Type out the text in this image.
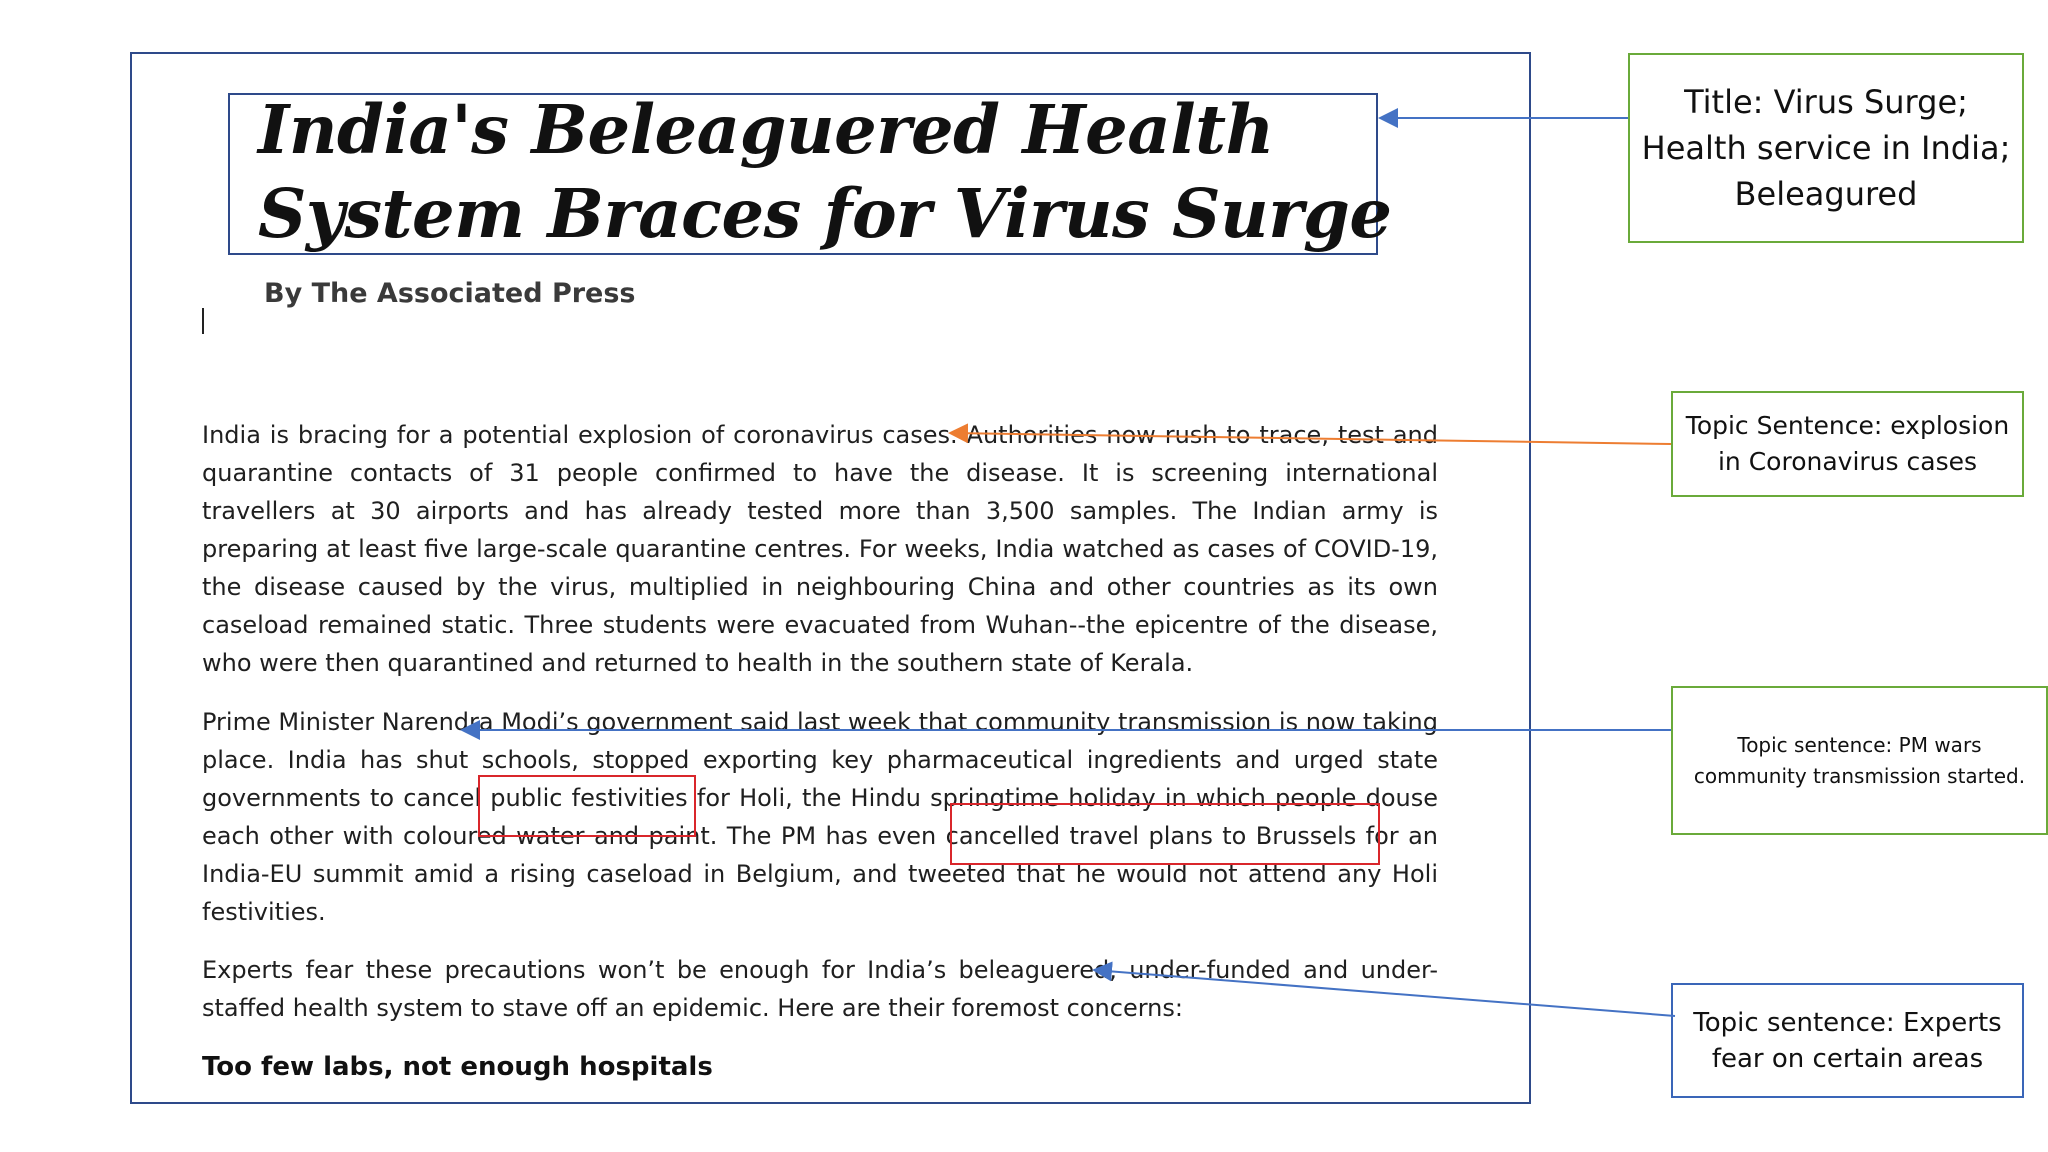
India's Beleaguered Health
System Braces for Virus Surge
By The Associated Press

India is bracing for a potential explosion of coronavirus cases. Authorities now rush to trace, test and quarantine contacts of 31 people confirmed to have the disease. It is screening international travellers at 30 airports and has already tested more than 3,500 samples. The Indian army is preparing at least five large-scale quarantine centres. For weeks, India watched as cases of COVID-19, the disease caused by the virus, multiplied in neighbouring China and other countries as its own caseload remained static. Three students were evacuated from Wuhan--the epicentre of the disease, who were then quarantined and returned to health in the southern state of Kerala.

Prime Minister Narendra Modi’s government said last week that community transmission is now taking place. India has shut schools, stopped exporting key pharmaceutical ingredients and urged state governments to cancel public festivities for Holi, the Hindu springtime holiday in which people douse each other with coloured water and paint. The PM has even cancelled travel plans to Brussels for an India-EU summit amid a rising caseload in Belgium, and tweeted that he would not attend any Holi festivities.

Experts fear these precautions won’t be enough for India’s beleaguered, under-funded and under-staffed health system to stave off an epidemic. Here are their foremost concerns:

Too few labs, not enough hospitals
Title: Virus Surge;
Health service in India;
Beleagured
Topic Sentence: explosion
in Coronavirus cases
Topic sentence: PM wars
community transmission started.
Topic sentence: Experts
fear on certain areas
